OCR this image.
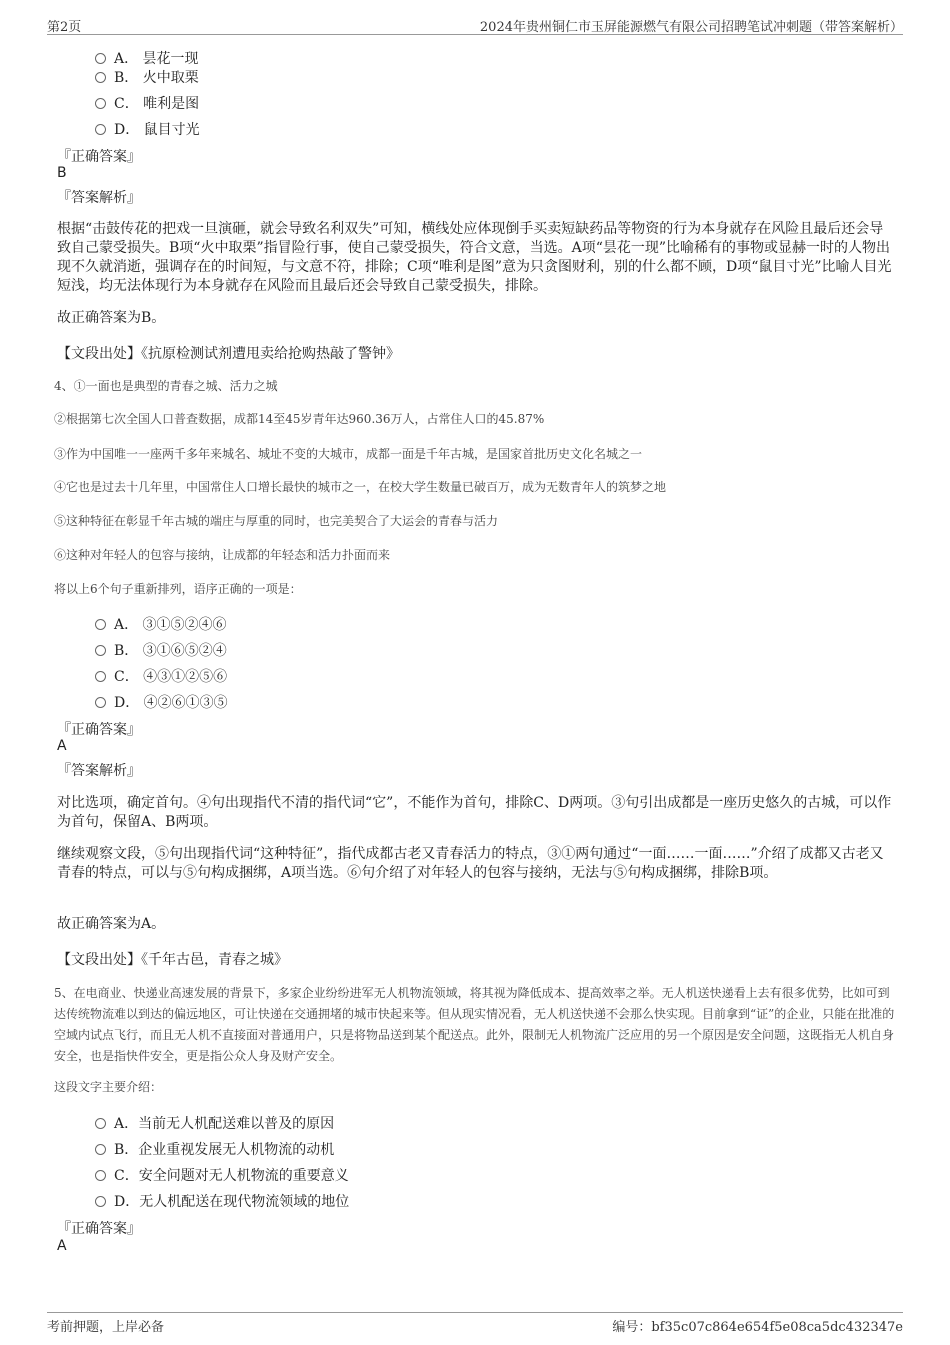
第2页	2024年贵州铜仁市玉屏能源燃气有限公司招聘笔试冲刺题（带答案解析）
A． 昙花一现
B． 火中取栗
C． 唯利是图
D． 鼠目寸光
『正确答案』
B
『答案解析』
根据“击鼓传花的把戏一旦演砸，就会导致名利双失”可知，横线处应体现倒手买卖短缺药品等物资的行为本身就存在风险且最后还会导致自己蒙受损失。B项“火中取栗”指冒险行事，使自己蒙受损失，符合文意，当选。A项“昙花一现”比喻稀有的事物或显赫一时的人物出现不久就消逝，强调存在的时间短，与文意不符，排除；C项“唯利是图”意为只贪图财利，别的什么都不顾，D项“鼠目寸光”比喻人目光短浅，均无法体现行为本身就存在风险而且最后还会导致自己蒙受损失，排除。
故正确答案为B。
【文段出处】《抗原检测试剂遭甩卖给抢购热敲了警钟》
4、①一面也是典型的青春之城、活力之城
②根据第七次全国人口普查数据，成都14至45岁青年达960.36万人，占常住人口的45.87%
③作为中国唯一一座两千多年来城名、城址不变的大城市，成都一面是千年古城，是国家首批历史文化名城之一
④它也是过去十几年里，中国常住人口增长最快的城市之一，在校大学生数量已破百万，成为无数青年人的筑梦之地
⑤这种特征在彰显千年古城的端庄与厚重的同时，也完美契合了大运会的青春与活力
⑥这种对年轻人的包容与接纳，让成都的年轻态和活力扑面而来
将以上6个句子重新排列，语序正确的一项是：
A． ③①⑤②④⑥
B． ③①⑥⑤②④
C． ④③①②⑤⑥
D． ④②⑥①③⑤
『正确答案』
A
『答案解析』
对比选项，确定首句。④句出现指代不清的指代词“它”，不能作为首句，排除C、D两项。③句引出成都是一座历史悠久的古城，可以作为首句，保留A、B两项。
继续观察文段，⑤句出现指代词“这种特征”，指代成都古老又青春活力的特点，③①两句通过“一面……一面……”介绍了成都又古老又青春的特点，可以与⑤句构成捆绑，A项当选。⑥句介绍了对年轻人的包容与接纳，无法与⑤句构成捆绑，排除B项。
故正确答案为A。
【文段出处】《千年古邑，青春之城》
5、在电商业、快递业高速发展的背景下，多家企业纷纷进军无人机物流领域，将其视为降低成本、提高效率之举。无人机送快递看上去有很多优势，比如可到达传统物流难以到达的偏远地区，可让快递在交通拥堵的城市快起来等。但从现实情况看，无人机送快递不会那么快实现。目前拿到“证”的企业，只能在批准的空域内试点飞行，而且无人机不直接面对普通用户，只是将物品送到某个配送点。此外，限制无人机物流广泛应用的另一个原因是安全问题，这既指无人机自身安全，也是指快件安全，更是指公众人身及财产安全。
这段文字主要介绍：
A．当前无人机配送难以普及的原因
B．企业重视发展无人机物流的动机
C．安全问题对无人机物流的重要意义
D．无人机配送在现代物流领域的地位
『正确答案』
A
考前押题，上岸必备	编号：bf35c07c864e654f5e08ca5dc432347e
